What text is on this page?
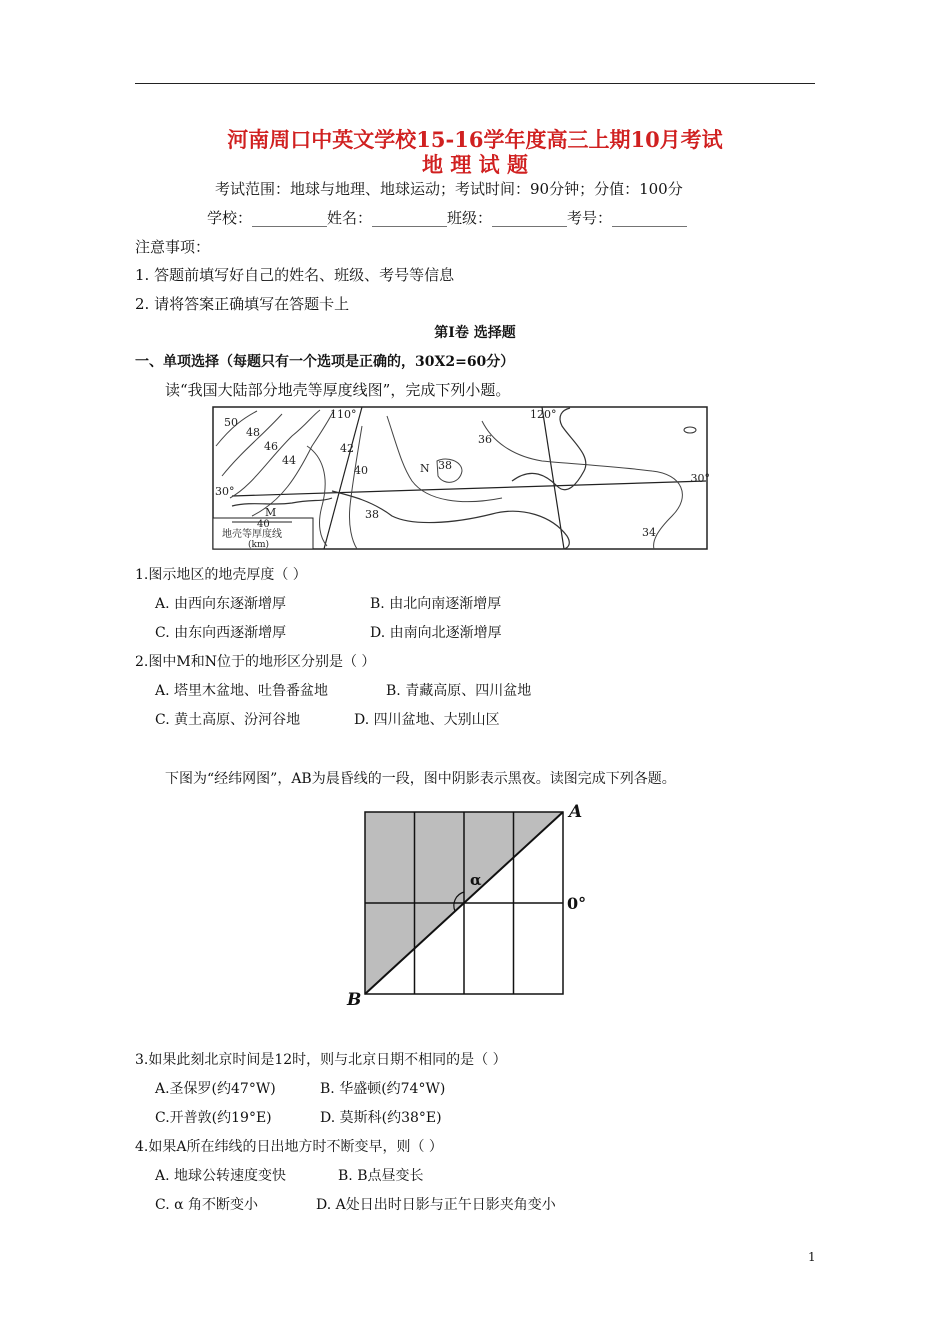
河南周口中英文学校15-16学年度高三上期10月考试
地 理 试 题
考试范围：地球与地理、地球运动；考试时间：90分钟；分值：100分
学校：__________姓名：__________班级：__________考号：__________
注意事项：
1. 答题前填写好自己的姓名、班级、考号等信息
2. 请将答案正确填写在答题卡上
第Ⅰ卷 选择题
一、单项选择（每题只有一个选项是正确的，30X2=60分）
读“我国大陆部分地壳等厚度线图”，完成下列小题。
110°	120°
30°
30°
50
48
46
44
42
40
38
36
34
38
N
M
40
地壳等厚度线
(km)
1.图示地区的地壳厚度（ ）
A. 由西向东逐渐增厚	B. 由北向南逐渐增厚
C. 由东向西逐渐增厚	D. 由南向北逐渐增厚
2.图中M和N位于的地形区分别是（ ）
A. 塔里木盆地、吐鲁番盆地	B. 青藏高原、四川盆地
C. 黄土高原、汾河谷地	D. 四川盆地、大别山区
下图为“经纬网图”，AB为晨昏线的一段，图中阴影表示黑夜。读图完成下列各题。
A
B
α
0°
3.如果此刻北京时间是12时，则与北京日期不相同的是（ ）
A.圣保罗(约47°W)	B. 华盛顿(约74°W)
C.开普敦(约19°E)	D. 莫斯科(约38°E)
4.如果A所在纬线的日出地方时不断变早，则（ ）
A. 地球公转速度变快	B. B点昼变长
C. α 角不断变小	D. A处日出时日影与正午日影夹角变小
1
